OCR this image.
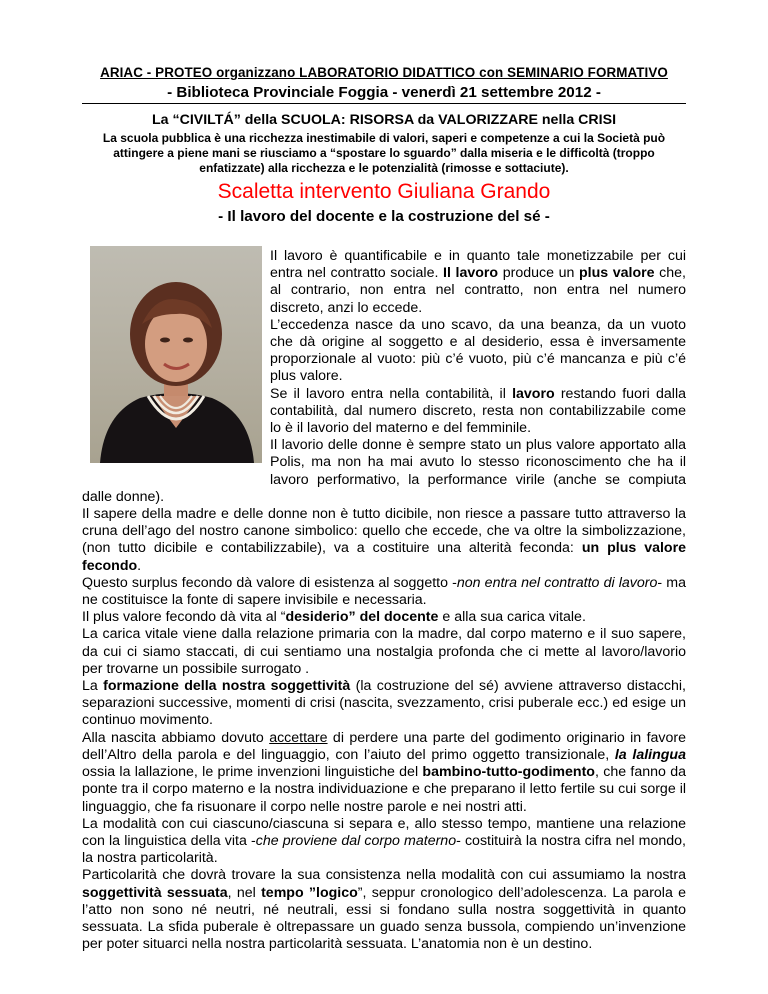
ARIAC - PROTEO organizzano LABORATORIO DIDATTICO con SEMINARIO FORMATIVO
- Biblioteca Provinciale Foggia - venerdì 21 settembre 2012 -
La “CIVILTÁ” della SCUOLA: RISORSA da VALORIZZARE nella CRISI
La scuola pubblica è una ricchezza inestimabile di valori, saperi e competenze a cui la Società può attingere a piene mani se riusciamo a “spostare lo sguardo” dalla miseria e le difficoltà (troppo enfatizzate) alla ricchezza e le potenzialità (rimosse e sottaciute).
Scaletta intervento Giuliana Grando
- Il lavoro del docente e la costruzione del sé -

Il lavoro è quantificabile e in quanto tale monetizzabile per cui entra nel contratto sociale. Il lavoro produce un plus valore che, al contrario, non entra nel contratto, non entra nel numero discreto, anzi lo eccede.

L’eccedenza nasce da uno scavo, da una beanza, da un vuoto che dà origine al soggetto e al desiderio, essa è inversamente proporzionale al vuoto: più c’é vuoto, più c’é mancanza e più c’é plus valore.

Se il lavoro entra nella contabilità, il lavoro restando fuori dalla contabilità, dal numero discreto, resta non contabilizzabile come lo è il lavorio del materno e del femminile.

Il lavorio delle donne è sempre stato un plus valore apportato alla Polis, ma non ha mai avuto lo stesso riconoscimento che ha il lavoro performativo, la performance virile (anche se compiuta dalle donne).

Il sapere della madre e delle donne non è tutto dicibile, non riesce a passare tutto attraverso la cruna dell’ago del nostro canone simbolico: quello che eccede, che va oltre la simbolizzazione, (non tutto dicibile e contabilizzabile), va a costituire una alterità feconda: un plus valore fecondo.

Questo surplus fecondo dà valore di esistenza al soggetto -non entra nel contratto di lavoro- ma ne costituisce la fonte di sapere invisibile e necessaria.

Il plus valore fecondo dà vita al “desiderio” del docente e alla sua carica vitale.

La carica vitale viene dalla relazione primaria con la madre, dal corpo materno e il suo sapere, da cui ci siamo staccati, di cui sentiamo una nostalgia profonda che ci mette al lavoro/lavorio per trovarne un possibile surrogato .

La formazione della nostra soggettività (la costruzione del sé) avviene attraverso distacchi, separazioni successive, momenti di crisi (nascita, svezzamento, crisi puberale ecc.) ed esige un continuo movimento.

Alla nascita abbiamo dovuto accettare di perdere una parte del godimento originario in favore dell’Altro della parola e del linguaggio, con l’aiuto del primo oggetto transizionale, la lalingua ossia la lallazione, le prime invenzioni linguistiche del bambino-tutto-godimento, che fanno da ponte tra il corpo materno e la nostra individuazione e che preparano il letto fertile su cui sorge il linguaggio, che fa risuonare il corpo nelle nostre parole e nei nostri atti.

La modalità con cui ciascuno/ciascuna si separa e, allo stesso tempo, mantiene una relazione con la linguistica della vita -che proviene dal corpo materno- costituirà la nostra cifra nel mondo, la nostra particolarità.

Particolarità che dovrà trovare la sua consistenza nella modalità con cui assumiamo la nostra soggettività sessuata, nel tempo ”logico”, seppur cronologico dell’adolescenza. La parola e l’atto non sono né neutri, né neutrali, essi si fondano sulla nostra soggettività in quanto sessuata. La sfida puberale è oltrepassare un guado senza bussola, compiendo un’invenzione per poter situarci nella nostra particolarità sessuata. L’anatomia non è un destino.
